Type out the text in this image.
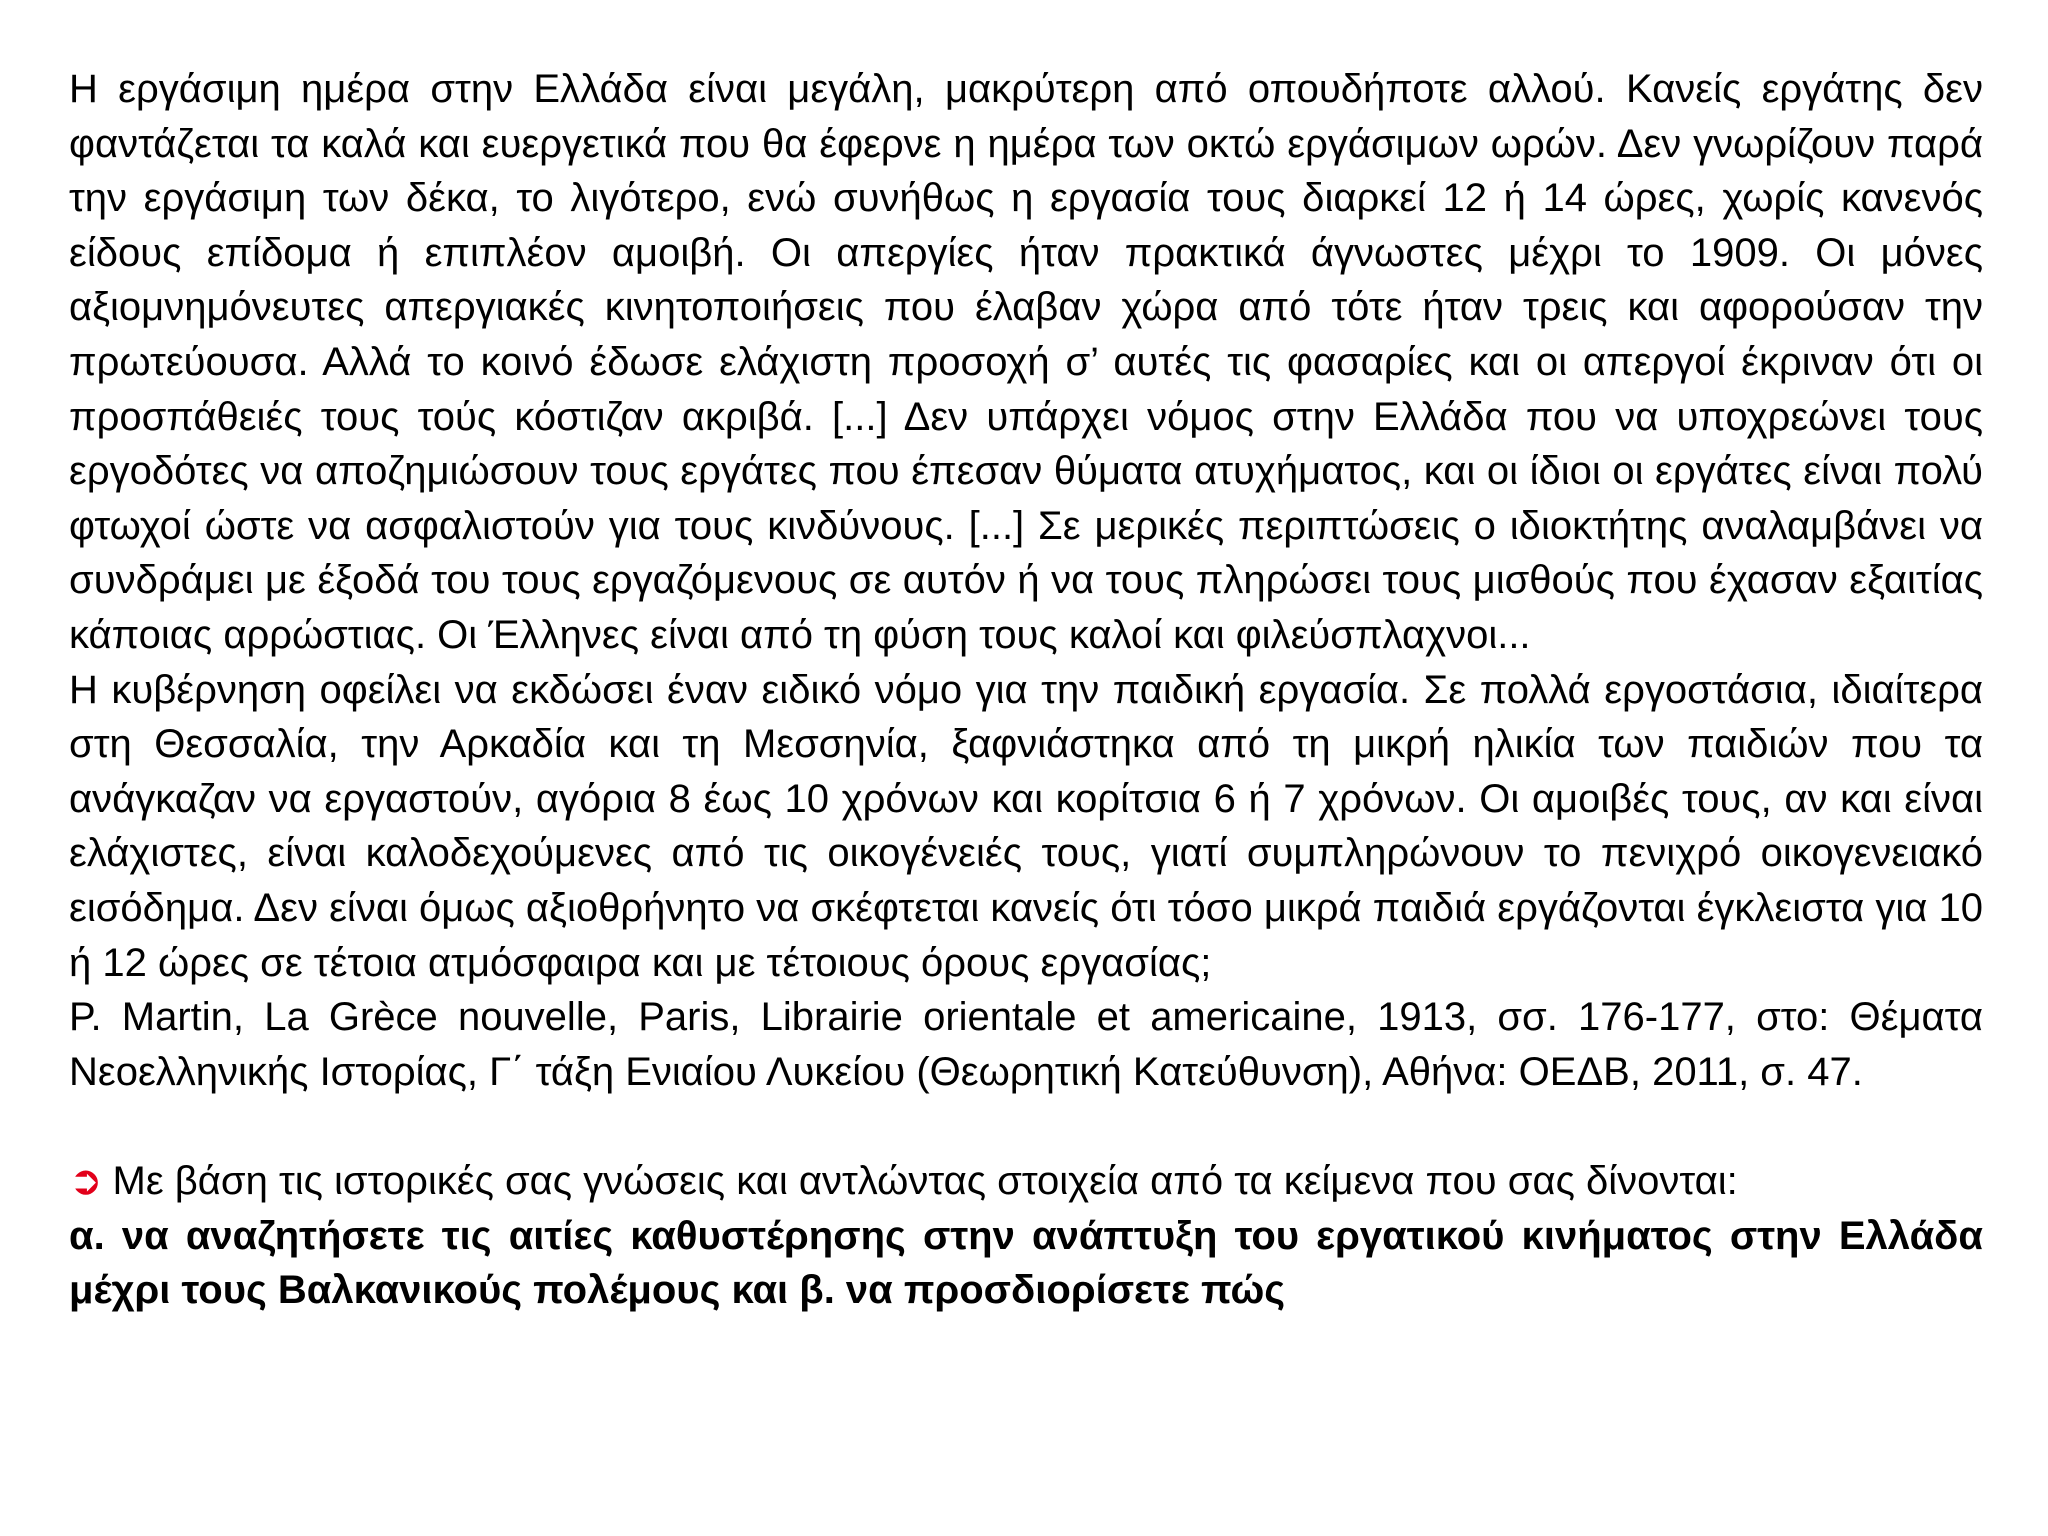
Η εργάσιμη ημέρα στην Ελλάδα είναι μεγάλη, μακρύτερη από οπουδήποτε αλλού. Κανείς εργάτης δεν φαντάζεται τα καλά και ευεργετικά που θα έφερνε η ημέρα των οκτώ εργάσιμων ωρών. Δεν γνωρίζουν παρά την εργάσιμη των δέκα, το λιγότερο, ενώ συνήθως η εργασία τους διαρκεί 12 ή 14 ώρες, χωρίς κανενός είδους επίδομα ή επιπλέον αμοιβή. Οι απεργίες ήταν πρακτικά άγνωστες μέχρι το 1909. Οι μόνες αξιομνημόνευτες απεργιακές κινητοποιήσεις που έλαβαν χώρα από τότε ήταν τρεις και αφορούσαν την πρωτεύουσα. Αλλά το κοινό έδωσε ελάχιστη προσοχή σ’ αυτές τις φασαρίες και οι απεργοί έκριναν ότι οι προσπάθειές τους τούς κόστιζαν ακριβά. [...] Δεν υπάρχει νόμος στην Ελλάδα που να υποχρεώνει τους εργοδότες να αποζημιώσουν τους εργάτες που έπεσαν θύματα ατυχήματος, και οι ίδιοι οι εργάτες είναι πολύ φτωχοί ώστε να ασφαλιστούν για τους κινδύνους. [...] Σε μερικές περιπτώσεις ο ιδιοκτήτης αναλαμβάνει να συνδράμει με έξοδά του τους εργαζόμενους σε αυτόν ή να τους πληρώσει τους μισθούς που έχασαν εξαιτίας κάποιας αρρώστιας. Οι Έλληνες είναι από τη φύση τους καλοί και φιλεύσπλαχνοι...

Η κυβέρνηση οφείλει να εκδώσει έναν ειδικό νόμο για την παιδική εργασία. Σε πολλά εργοστάσια, ιδιαίτερα στη Θεσσαλία, την Αρκαδία και τη Μεσσηνία, ξαφνιάστηκα από τη μικρή ηλικία των παιδιών που τα ανάγκαζαν να εργαστούν, αγόρια 8 έως 10 χρόνων και κορίτσια 6 ή 7 χρόνων. Οι αμοιβές τους, αν και είναι ελάχιστες, είναι καλοδεχούμενες από τις οικογένειές τους, γιατί συμπληρώνουν το πενιχρό οικογενειακό εισόδημα. Δεν είναι όμως αξιοθρήνητο να σκέφτεται κανείς ότι τόσο μικρά παιδιά εργάζονται έγκλειστα για 10 ή 12 ώρες σε τέτοια ατμόσφαιρα και με τέτοιους όρους εργασίας;

P. Martin, La Grèce nouvelle, Paris, Librairie orientale et americaine, 1913, σσ. 176-177, στο: Θέματα Νεοελληνικής Ιστορίας, Γ΄ τάξη Ενιαίου Λυκείου (Θεωρητική Κατεύθυνση), Αθήνα: ΟΕΔΒ, 2011, σ. 47.

➲ Με βάση τις ιστορικές σας γνώσεις και αντλώντας στοιχεία από τα κείμενα που σας δίνονται:

α. να αναζητήσετε τις αιτίες καθυστέρησης στην ανάπτυξη του εργατικού κινήματος στην Ελλάδα μέχρι τους Βαλκανικούς πολέμους και β. να προσδιορίσετε πώς
